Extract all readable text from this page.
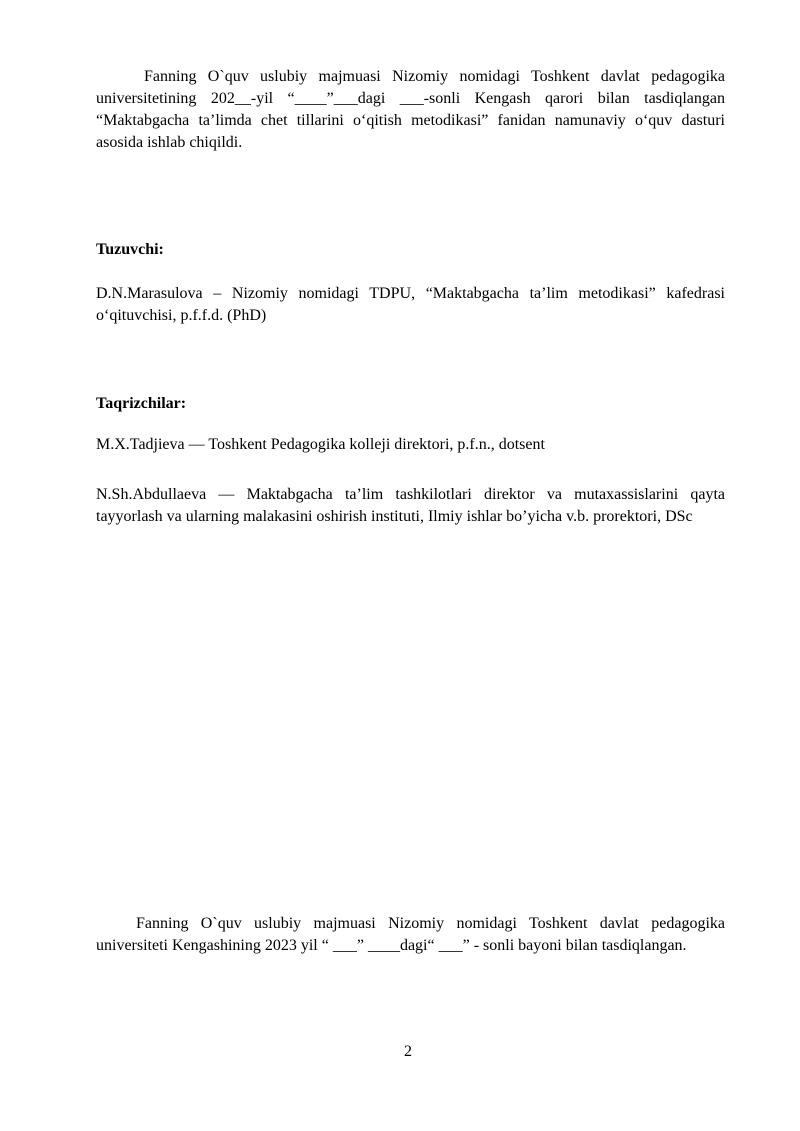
Fanning O`quv uslubiy majmuasi Nizomiy nomidagi Toshkent davlat pedagogika universitetining 202__-yil “____”___dagi ___-sonli Kengash qarori bilan tasdiqlangan “Maktabgacha ta’limda chet tillarini o‘qitish metodikasi” fanidan namunaviy o‘quv dasturi asosida ishlab chiqildi.

Tuzuvchi:

D.N.Marasulova – Nizomiy nomidagi TDPU, “Maktabgacha ta’lim metodikasi” kafedrasi o‘qituvchisi, p.f.f.d. (PhD)

Taqrizchilar:

M.X.Tadjieva — Toshkent Pedagogika kolleji direktori, p.f.n., dotsent

N.Sh.Abdullaeva — Maktabgacha ta’lim tashkilotlari direktor va mutaxassislarini qayta tayyorlash va ularning malakasini oshirish instituti, Ilmiy ishlar bo’yicha v.b. prorektori, DSc

Fanning O`quv uslubiy majmuasi Nizomiy nomidagi Toshkent davlat pedagogika universiteti Kengashining 2023 yil “ ___” ____dagi“ ___” - sonli bayoni bilan tasdiqlangan.

2
